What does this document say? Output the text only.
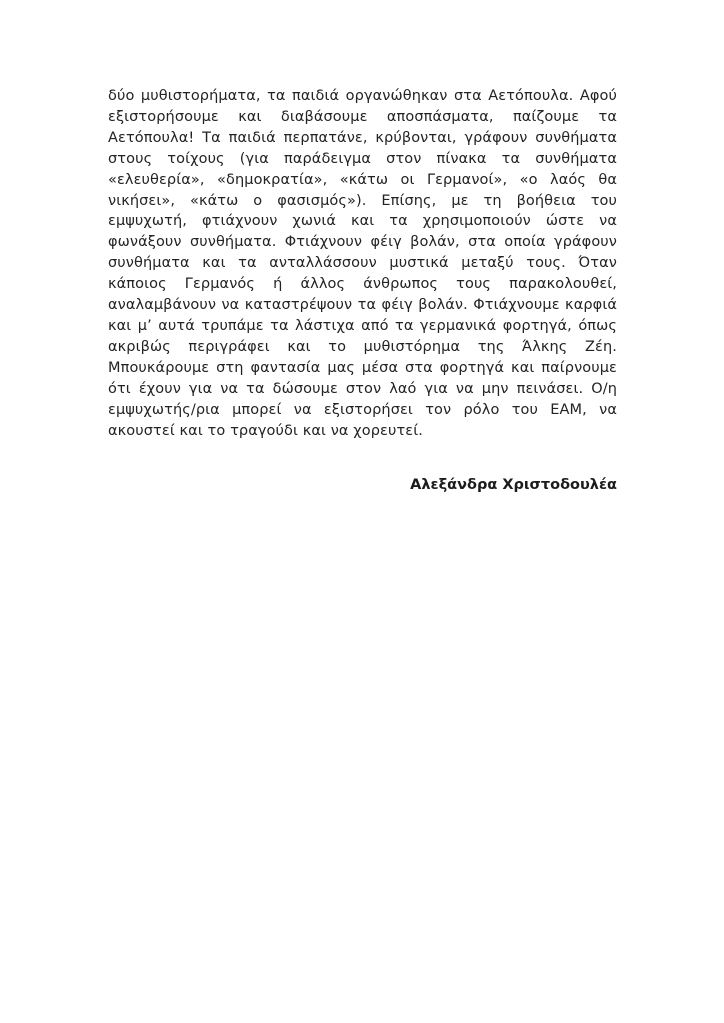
δύο μυθιστορήματα, τα παιδιά οργανώθηκαν στα Αετόπουλα. Αφού εξιστορήσουμε και διαβάσουμε αποσπάσματα, παίζουμε τα Αετόπουλα! Τα παιδιά περπατάνε, κρύβονται, γράφουν συνθήματα στους τοίχους (για παράδειγμα στον πίνακα τα συνθήματα «ελευθερία», «δημοκρατία», «κάτω οι Γερμανοί», «ο λαός θα νικήσει», «κάτω ο φασισμός»). Επίσης, με τη βοήθεια του εμψυχωτή, φτιάχνουν χωνιά και τα χρησιμοποιούν ώστε να φωνάξουν συνθήματα. Φτιάχνουν φέιγ βολάν, στα οποία γράφουν συνθήματα και τα ανταλλάσσουν μυστικά μεταξύ τους. Όταν κάποιος Γερμανός ή άλλος άνθρωπος τους παρακολουθεί, αναλαμβάνουν να καταστρέψουν τα φέιγ βολάν. Φτιάχνουμε καρφιά και μ’ αυτά τρυπάμε τα λάστιχα από τα γερμανικά φορτηγά, όπως ακριβώς περιγράφει και το μυθιστόρημα της Άλκης Ζέη. Μπουκάρουμε στη φαντασία μας μέσα στα φορτηγά και παίρνουμε ότι έχουν για να τα δώσουμε στον λαό για να μην πεινάσει. Ο/η εμψυχωτής/ρια μπορεί να εξιστορήσει τον ρόλο του ΕΑΜ, να ακουστεί και το τραγούδι και να χορευτεί.

Αλεξάνδρα Χριστοδουλέα
